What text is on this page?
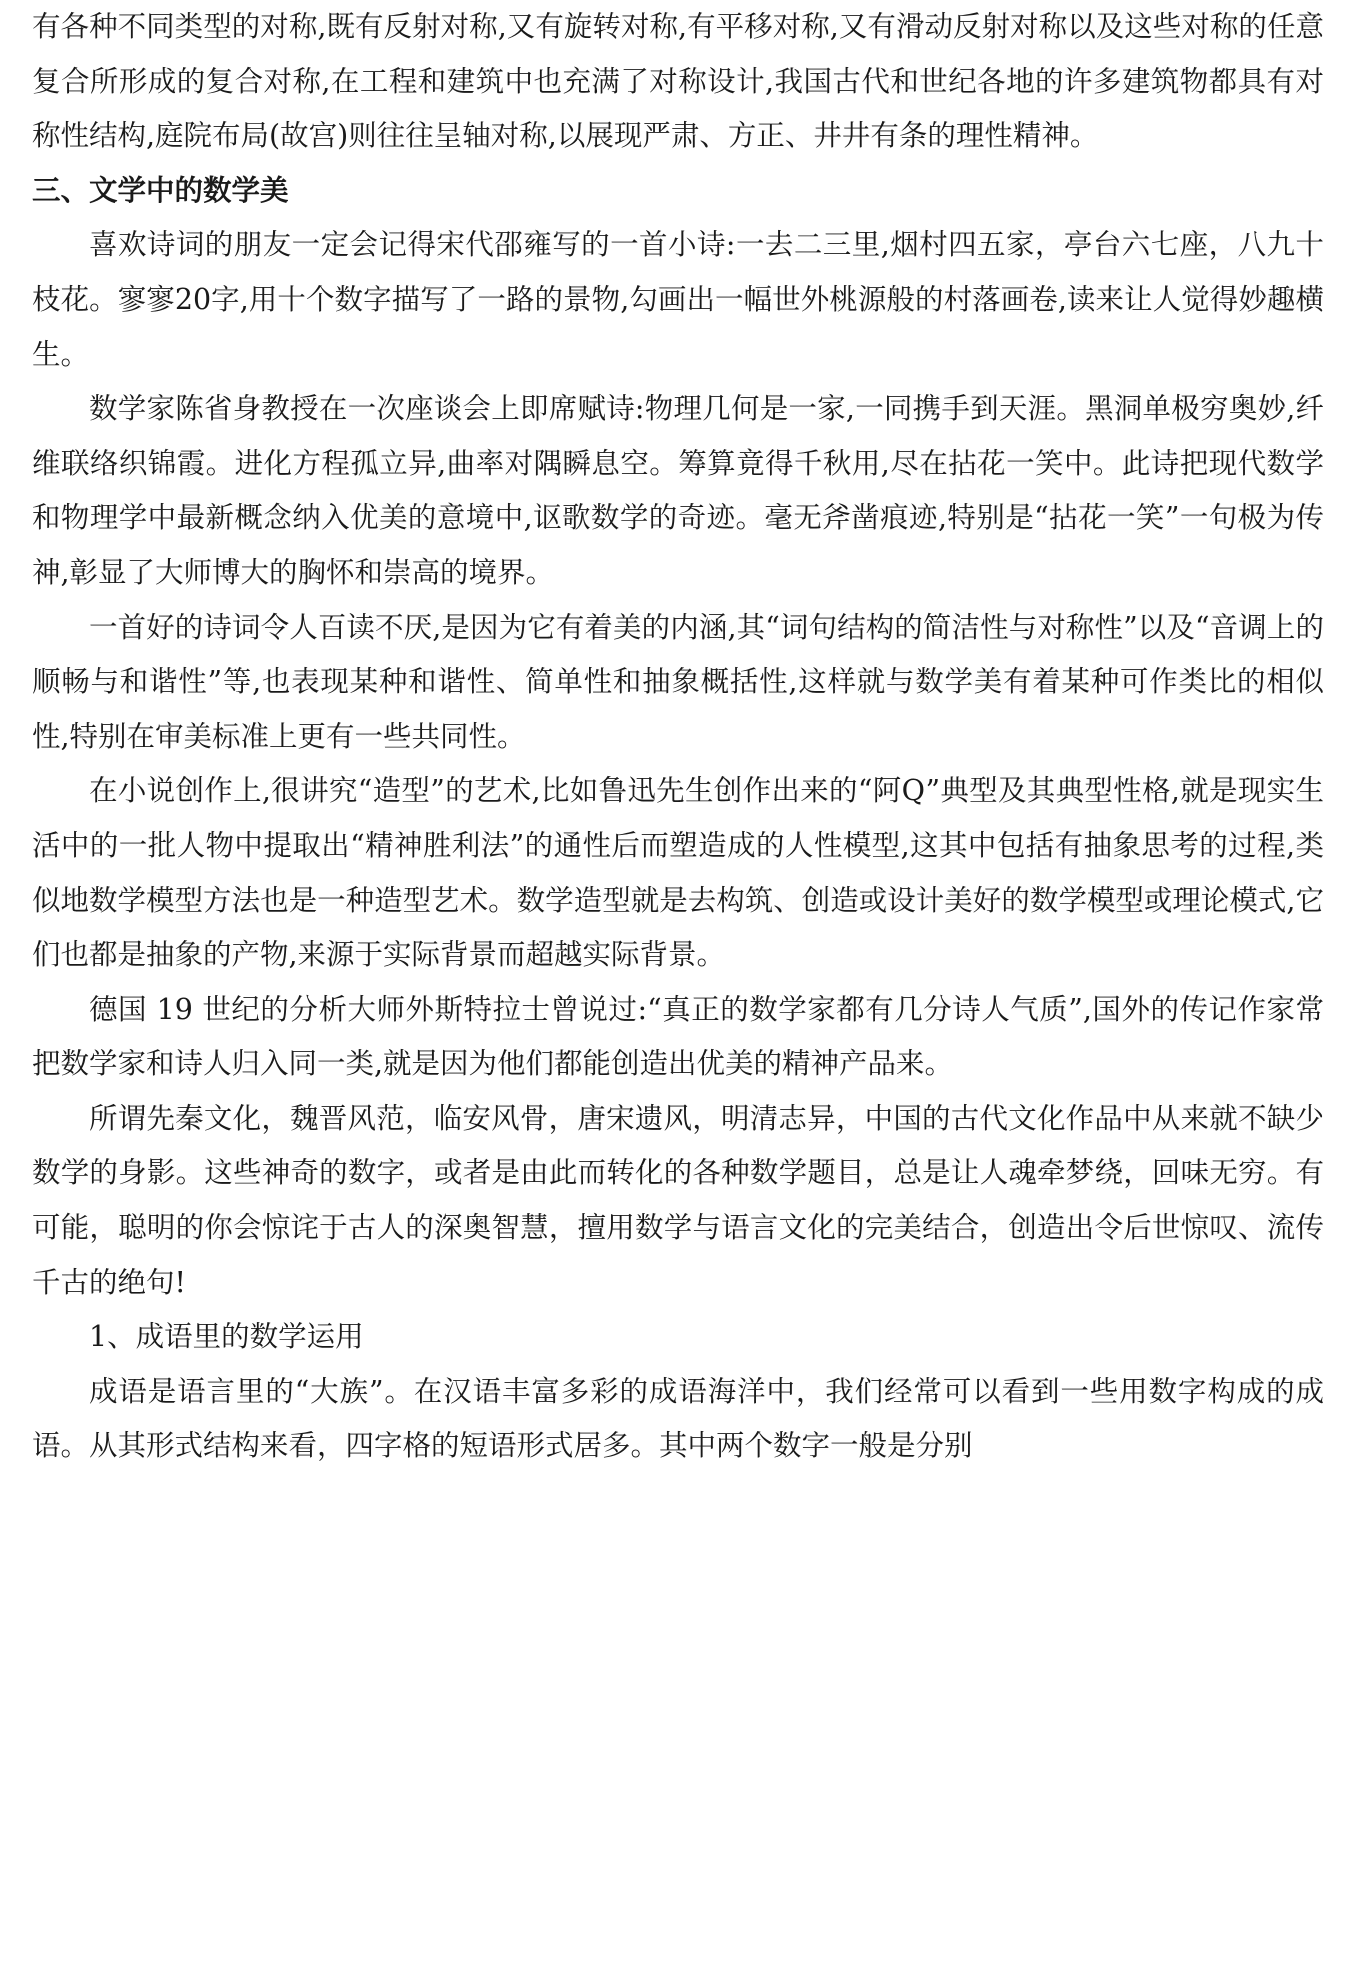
有各种不同类型的对称,既有反射对称,又有旋转对称,有平移对称,又有滑动反射对称以及这些对称的任意复合所形成的复合对称,在工程和建筑中也充满了对称设计,我国古代和世纪各地的许多建筑物都具有对称性结构,庭院布局(故宫)则往往呈轴对称,以展现严肃、方正、井井有条的理性精神。

三、文学中的数学美

喜欢诗词的朋友一定会记得宋代邵雍写的一首小诗:一去二三里,烟村四五家，亭台六七座，八九十枝花。寥寥20字,用十个数字描写了一路的景物,勾画出一幅世外桃源般的村落画卷,读来让人觉得妙趣横生。

数学家陈省身教授在一次座谈会上即席赋诗:物理几何是一家,一同携手到天涯。黑洞单极穷奥妙,纤维联络织锦霞。进化方程孤立异,曲率对隅瞬息空。筹算竟得千秋用,尽在拈花一笑中。此诗把现代数学和物理学中最新概念纳入优美的意境中,讴歌数学的奇迹。毫无斧凿痕迹,特别是“拈花一笑”一句极为传神,彰显了大师博大的胸怀和崇高的境界。

一首好的诗词令人百读不厌,是因为它有着美的内涵,其“词句结构的简洁性与对称性”以及“音调上的顺畅与和谐性”等,也表现某种和谐性、简单性和抽象概括性,这样就与数学美有着某种可作类比的相似性,特别在审美标准上更有一些共同性。

在小说创作上,很讲究“造型”的艺术,比如鲁迅先生创作出来的“阿Q”典型及其典型性格,就是现实生活中的一批人物中提取出“精神胜利法”的通性后而塑造成的人性模型,这其中包括有抽象思考的过程,类似地数学模型方法也是一种造型艺术。数学造型就是去构筑、创造或设计美好的数学模型或理论模式,它们也都是抽象的产物,来源于实际背景而超越实际背景。

德国 19 世纪的分析大师外斯特拉士曾说过:“真正的数学家都有几分诗人气质”,国外的传记作家常把数学家和诗人归入同一类,就是因为他们都能创造出优美的精神产品来。

所谓先秦文化，魏晋风范，临安风骨，唐宋遗风，明清志异，中国的古代文化作品中从来就不缺少数学的身影。这些神奇的数字，或者是由此而转化的各种数学题目，总是让人魂牵梦绕，回味无穷。有可能，聪明的你会惊诧于古人的深奥智慧，擅用数学与语言文化的完美结合，创造出令后世惊叹、流传千古的绝句!

1、成语里的数学运用

成语是语言里的“大族”。在汉语丰富多彩的成语海洋中，我们经常可以看到一些用数字构成的成语。从其形式结构来看，四字格的短语形式居多。其中两个数字一般是分别
